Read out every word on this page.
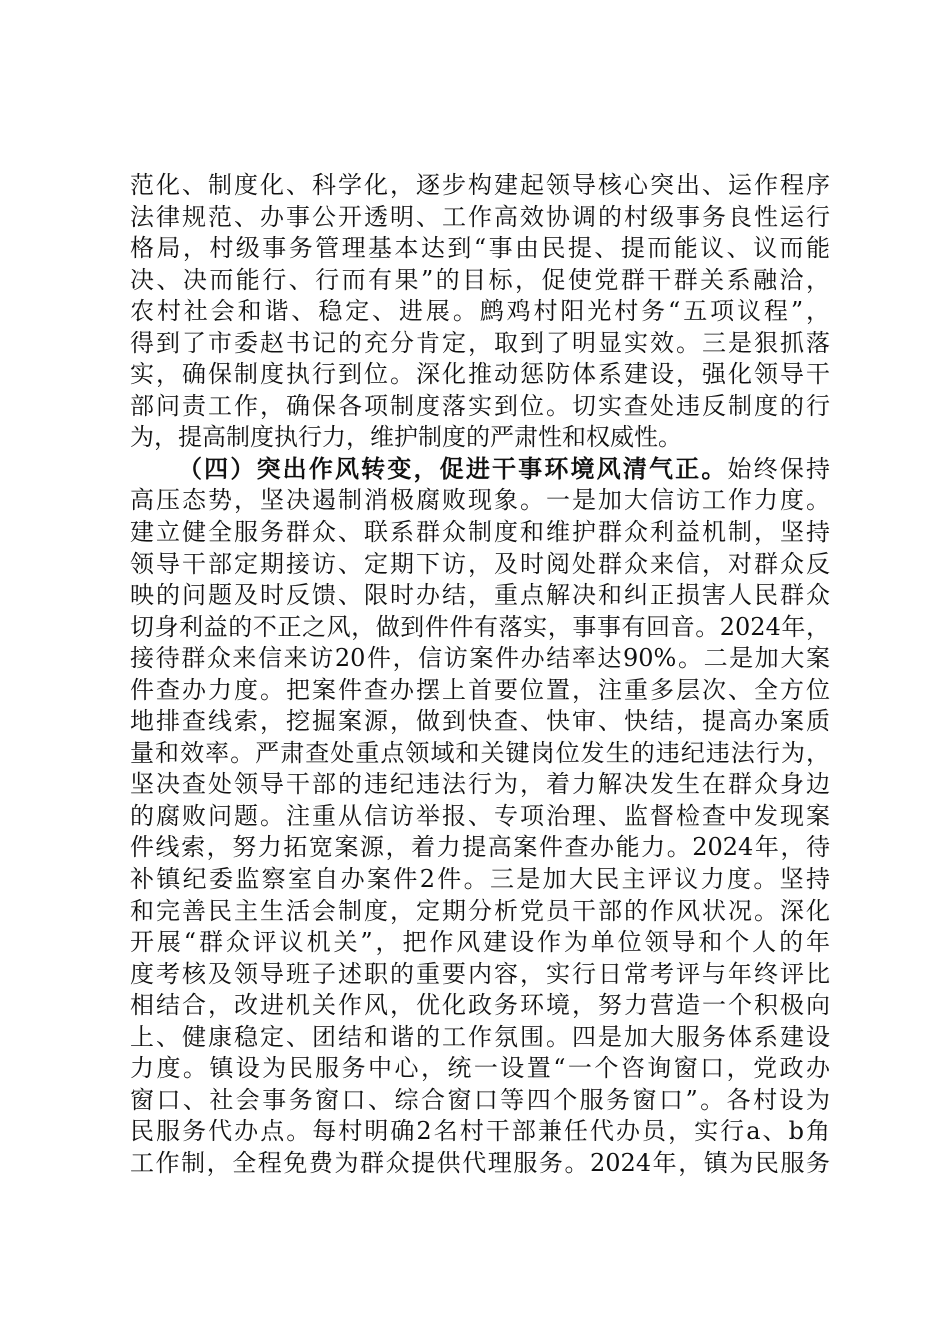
范化、制度化、科学化，逐步构建起领导核心突出、运作程序
法律规范、办事公开透明、工作高效协调的村级事务良性运行
格局，村级事务管理基本达到“事由民提、提而能议、议而能
决、决而能行、行而有果”的目标，促使党群干群关系融洽，
农村社会和谐、稳定、进展。鹧鸡村阳光村务“五项议程”，
得到了市委赵书记的充分肯定，取到了明显实效。三是狠抓落
实，确保制度执行到位。深化推动惩防体系建设，强化领导干
部问责工作，确保各项制度落实到位。切实查处违反制度的行
为，提高制度执行力，维护制度的严肃性和权威性。
（四）突出作风转变，促进干事环境风清气正。始终保持
高压态势，坚决遏制消极腐败现象。一是加大信访工作力度。
建立健全服务群众、联系群众制度和维护群众利益机制，坚持
领导干部定期接访、定期下访，及时阅处群众来信，对群众反
映的问题及时反馈、限时办结，重点解决和纠正损害人民群众
切身利益的不正之风，做到件件有落实，事事有回音。2024年，
接待群众来信来访20件，信访案件办结率达90%。二是加大案
件查办力度。把案件查办摆上首要位置，注重多层次、全方位
地排查线索，挖掘案源，做到快查、快审、快结，提高办案质
量和效率。严肃查处重点领域和关键岗位发生的违纪违法行为，
坚决查处领导干部的违纪违法行为，着力解决发生在群众身边
的腐败问题。注重从信访举报、专项治理、监督检查中发现案
件线索，努力拓宽案源，着力提高案件查办能力。2024年，待
补镇纪委监察室自办案件2件。三是加大民主评议力度。坚持
和完善民主生活会制度，定期分析党员干部的作风状况。深化
开展“群众评议机关”，把作风建设作为单位领导和个人的年
度考核及领导班子述职的重要内容，实行日常考评与年终评比
相结合，改进机关作风，优化政务环境，努力营造一个积极向
上、健康稳定、团结和谐的工作氛围。四是加大服务体系建设
力度。镇设为民服务中心，统一设置“一个咨询窗口，党政办
窗口、社会事务窗口、综合窗口等四个服务窗口”。各村设为
民服务代办点。每村明确2名村干部兼任代办员，实行a、b角
工作制，全程免费为群众提供代理服务。2024年，镇为民服务
